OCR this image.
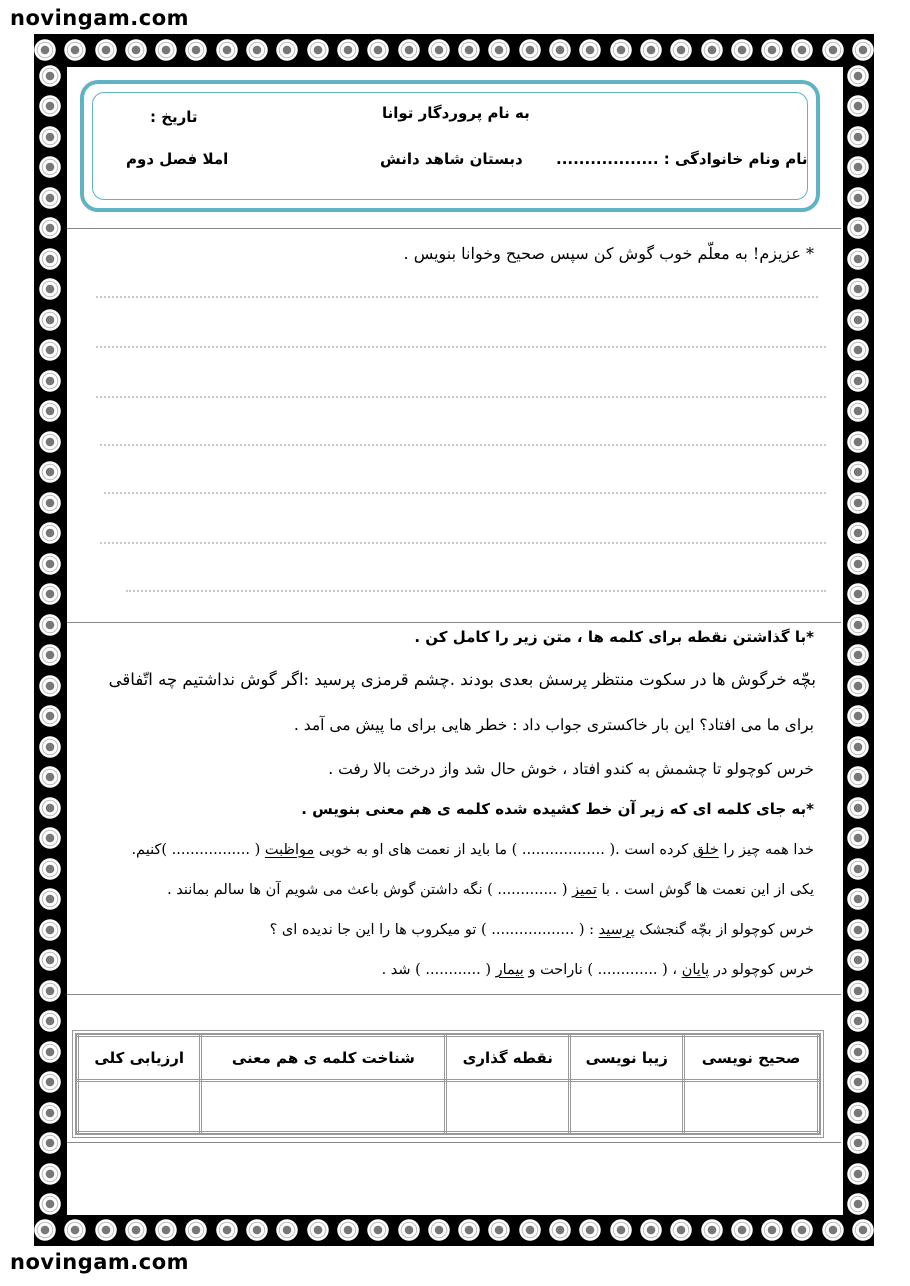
novingam.com
به نام پروردگار توانا
تاریخ :
نام ونام خانوادگی : ..................
دبستان شاهد دانش
املا فصل دوم
* عزیزم! به معلّم خوب گوش کن سپس صحیح وخوانا بنویس .
*با گذاشتن نقطه برای کلمه ها ، متن زیر را کامل کن .
بچّه خرگوش ها در سکوت منتظر پرسش بعدی بودند .چشم قرمزی پرسید :اگر گوش نداشتیم چه اتّفاقی
برای ما می افتاد؟ این بار خاکستری جواب داد : خطر هایی برای ما پیش می آمد .
خرس کوچولو تا چشمش به کندو افتاد ، خوش حال شد واز درخت بالا رفت .
*به جای کلمه ای که زیر آن خط کشیده شده کلمه ی هم معنی بنویس .
خدا همه چیز را خلق کرده است .( .................. ) ما باید از نعمت های او به خوبی مواظبت ( ................. )کنیم.
یکی از این نعمت ها گوش است . با تمیز ( ............. ) نگه داشتن گوش باعث می شویم آن ها سالم بمانند .
خرس کوچولو از بچّه گنجشک پرسید : ( .................. ) تو میکروب ها را این جا ندیده ای ؟
خرس کوچولو در پایان ، ( ............. ) ناراحت و بیمار ( ............ ) شد .
صحیح نویسی	زیبا نویسی	نقطه گذاری	شناخت کلمه ی هم معنی	ارزیابی کلی

novingam.com
